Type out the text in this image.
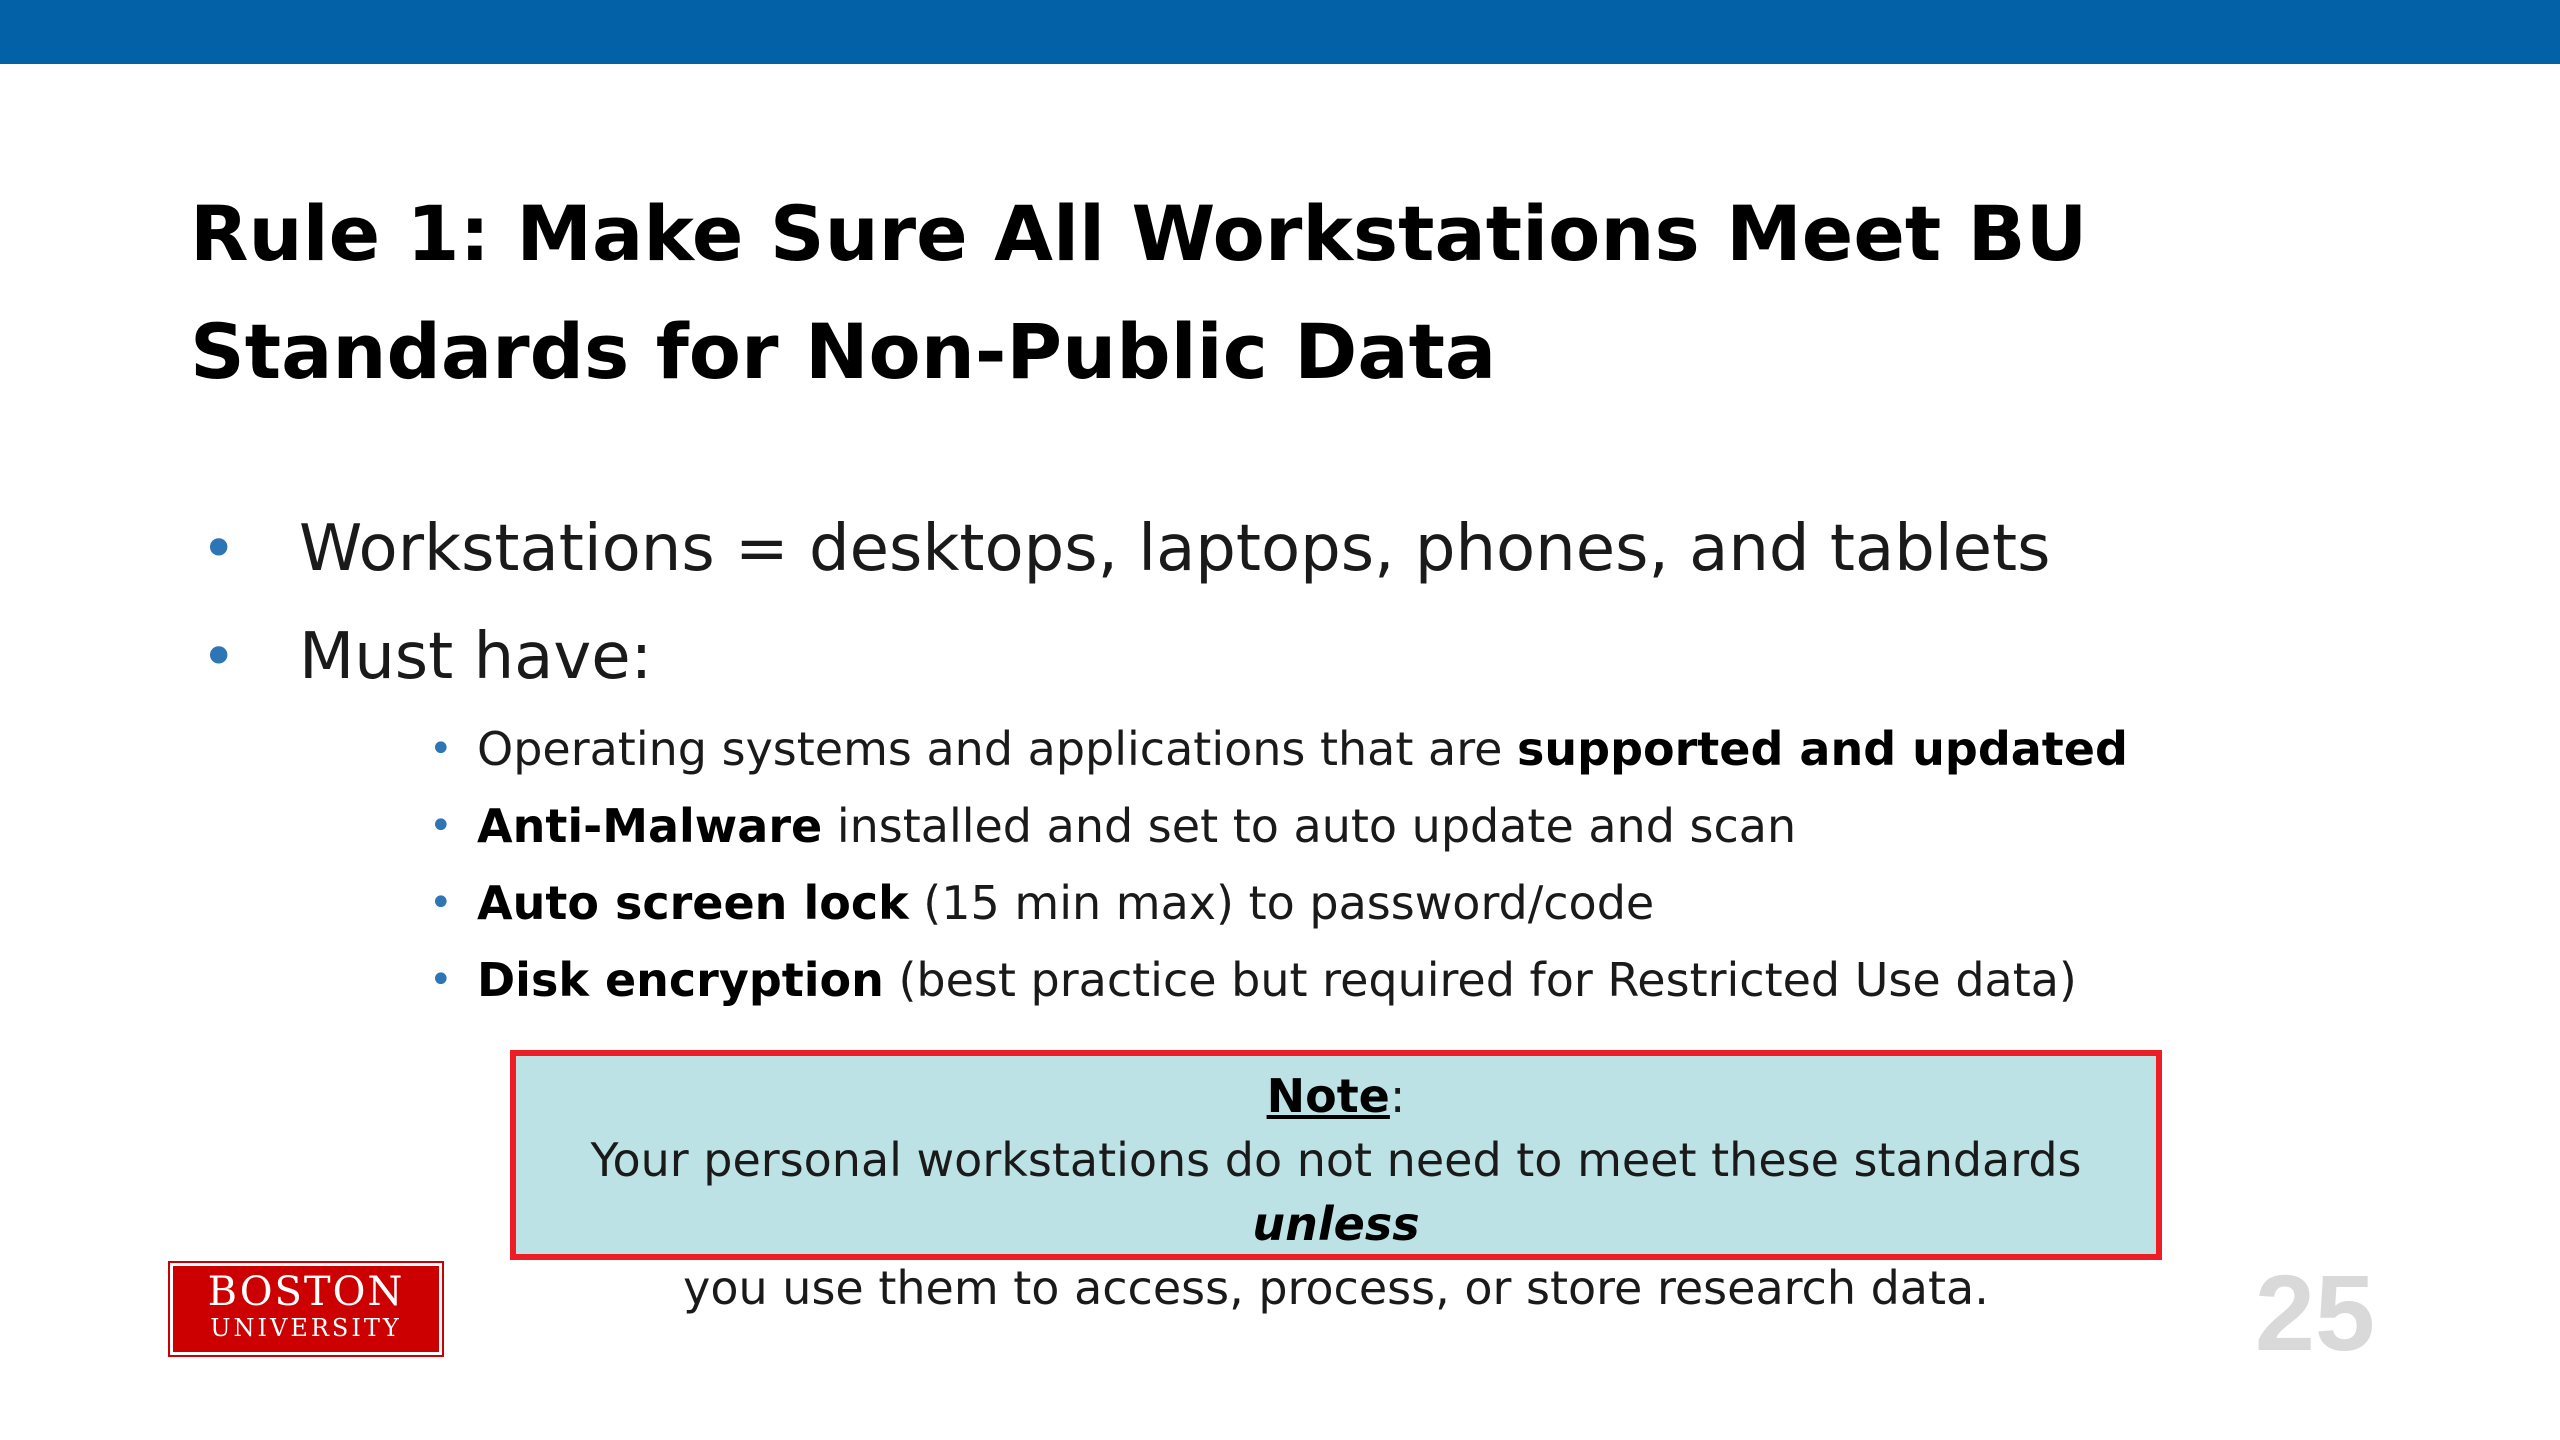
Rule 1: Make Sure All Workstations Meet BU
Standards for Non-Public Data
• Workstations = desktops, laptops, phones, and tablets
• Must have:
• Operating systems and applications that are supported and updated
• Anti-Malware installed and set to auto update and scan
• Auto screen lock (15 min max) to password/code
• Disk encryption (best practice but required for Restricted Use data)
Note:
Your personal workstations do not need to meet these standards unless
you use them to access, process, or store research data.
BOSTON
UNIVERSITY	25
